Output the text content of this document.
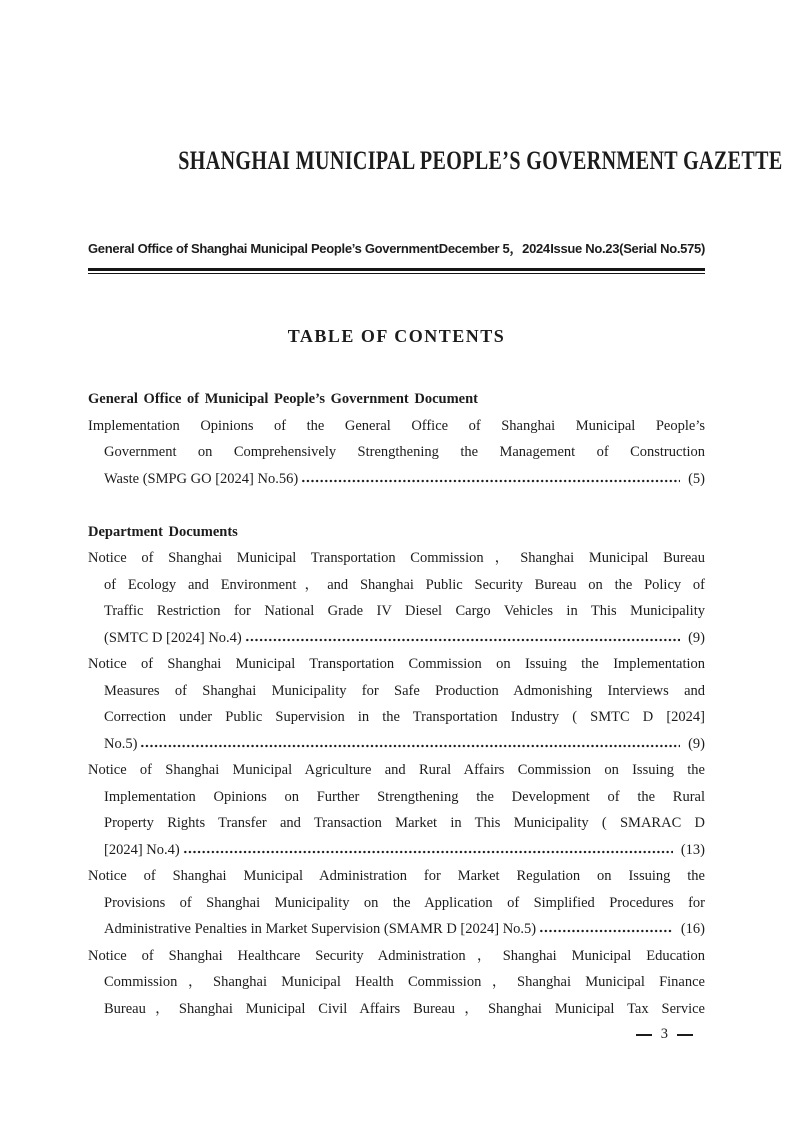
SHANGHAI MUNICIPAL PEOPLE’S GOVERNMENT GAZETTE
General Office of Shanghai Municipal People’s Government December 5，2024 Issue No.23(Serial No.575)
TABLE OF CONTENTS
General Office of Municipal People’s Government Document
Implementation Opinions of the General Office of Shanghai Municipal People’s
Government on Comprehensively Strengthening the Management of Construction
Waste (SMPG GO [2024] No.56)	(5)
Department Documents
Notice of Shanghai Municipal Transportation Commission，Shanghai Municipal Bureau
of Ecology and Environment，and Shanghai Public Security Bureau on the Policy of
Traffic Restriction for National Grade IV Diesel Cargo Vehicles in This Municipality
(SMTC D [2024] No.4)	(9)
Notice of Shanghai Municipal Transportation Commission on Issuing the Implementation
Measures of Shanghai Municipality for Safe Production Admonishing Interviews and
Correction under Public Supervision in the Transportation Industry ( SMTC D [2024]
No.5)	(9)
Notice of Shanghai Municipal Agriculture and Rural Affairs Commission on Issuing the
Implementation Opinions on Further Strengthening the Development of the Rural
Property Rights Transfer and Transaction Market in This Municipality ( SMARAC D
[2024] No.4)	(13)
Notice of Shanghai Municipal Administration for Market Regulation on Issuing the
Provisions of Shanghai Municipality on the Application of Simplified Procedures for
Administrative Penalties in Market Supervision (SMAMR D [2024] No.5)	(16)
Notice of Shanghai Healthcare Security Administration，Shanghai Municipal Education
Commission，Shanghai Municipal Health Commission，Shanghai Municipal Finance
Bureau，Shanghai Municipal Civil Affairs Bureau，Shanghai Municipal Tax Service
3
